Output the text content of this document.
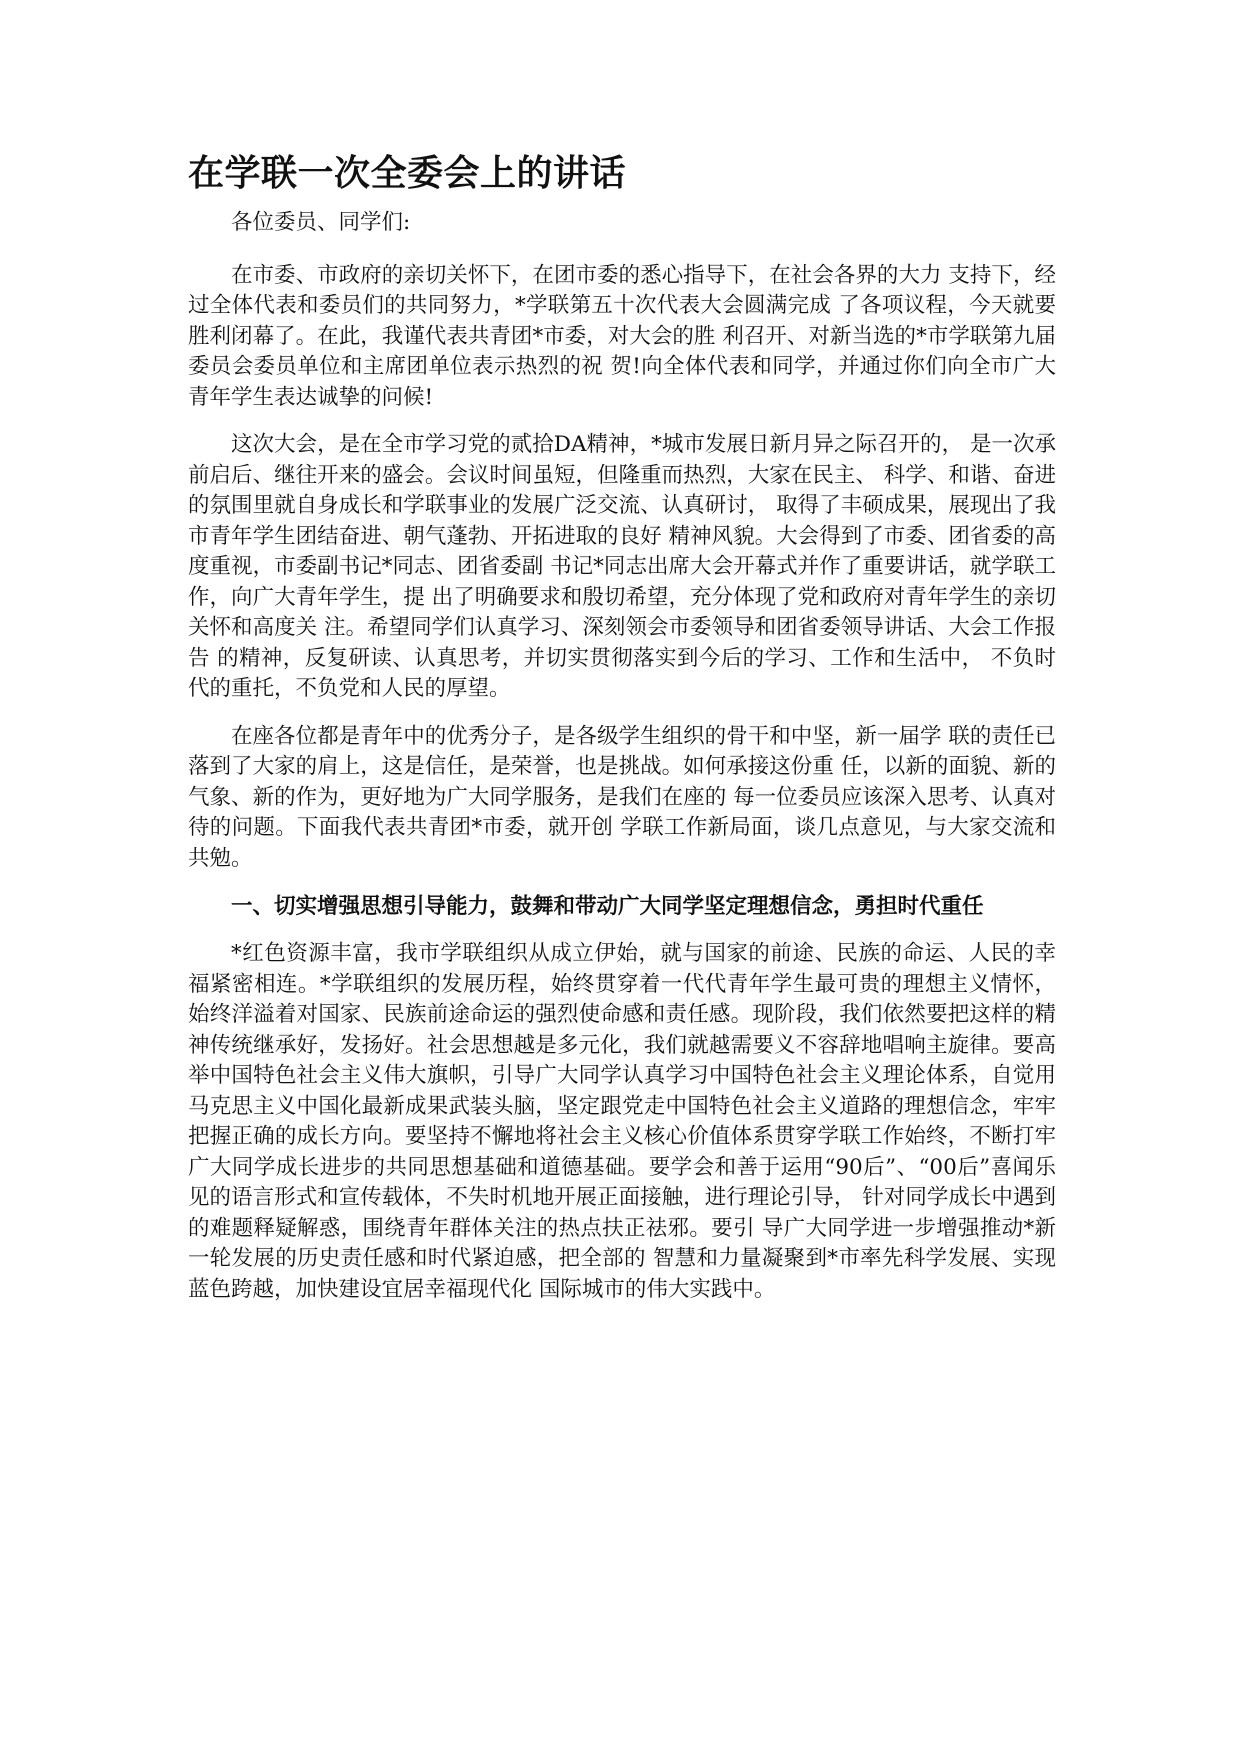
在学联一次全委会上的讲话

各位委员、同学们:

在市委、市政府的亲切关怀下，在团市委的悉心指导下，在社会各界的大力 支持下，经过全体代表和委员们的共同努力，*学联第五十次代表大会圆满完成 了各项议程，今天就要胜利闭幕了。在此，我谨代表共青团*市委，对大会的胜 利召开、对新当选的*市学联第九届委员会委员单位和主席团单位表示热烈的祝 贺!向全体代表和同学，并通过你们向全市广大青年学生表达诚挚的问候!

这次大会，是在全市学习党的贰拾DA精神，*城市发展日新月异之际召开的， 是一次承前启后、继往开来的盛会。会议时间虽短，但隆重而热烈，大家在民主、 科学、和谐、奋进的氛围里就自身成长和学联事业的发展广泛交流、认真研讨， 取得了丰硕成果，展现出了我市青年学生团结奋进、朝气蓬勃、开拓进取的良好 精神风貌。大会得到了市委、团省委的高度重视，市委副书记*同志、团省委副 书记*同志出席大会开幕式并作了重要讲话，就学联工作，向广大青年学生，提 出了明确要求和殷切希望，充分体现了党和政府对青年学生的亲切关怀和高度关 注。希望同学们认真学习、深刻领会市委领导和团省委领导讲话、大会工作报告 的精神，反复研读、认真思考，并切实贯彻落实到今后的学习、工作和生活中， 不负时代的重托，不负党和人民的厚望。

在座各位都是青年中的优秀分子，是各级学生组织的骨干和中坚，新一届学 联的责任已落到了大家的肩上，这是信任，是荣誉，也是挑战。如何承接这份重 任，以新的面貌、新的气象、新的作为，更好地为广大同学服务，是我们在座的 每一位委员应该深入思考、认真对待的问题。下面我代表共青团*市委，就开创 学联工作新局面，谈几点意见，与大家交流和共勉。

一、切实增强思想引导能力，鼓舞和带动广大同学坚定理想信念，勇担时代重任

*红色资源丰富，我市学联组织从成立伊始，就与国家的前途、民族的命运、人民的幸福紧密相连。*学联组织的发展历程，始终贯穿着一代代青年学生最可贵的理想主义情怀，始终洋溢着对国家、民族前途命运的强烈使命感和责任感。现阶段，我们依然要把这样的精神传统继承好，发扬好。社会思想越是多元化，我们就越需要义不容辞地唱响主旋律。要高举中国特色社会主义伟大旗帜，引导广大同学认真学习中国特色社会主义理论体系，自觉用马克思主义中国化最新成果武装头脑，坚定跟党走中国特色社会主义道路的理想信念，牢牢把握正确的成长方向。要坚持不懈地将社会主义核心价值体系贯穿学联工作始终，不断打牢广大同学成长进步的共同思想基础和道德基础。要学会和善于运用“90后”、“00后”喜闻乐见的语言形式和宣传载体，不失时机地开展正面接触，进行理论引导， 针对同学成长中遇到的难题释疑解惑，围绕青年群体关注的热点扶正祛邪。要引 导广大同学进一步增强推动*新一轮发展的历史责任感和时代紧迫感，把全部的 智慧和力量凝聚到*市率先科学发展、实现蓝色跨越，加快建设宜居幸福现代化 国际城市的伟大实践中。
